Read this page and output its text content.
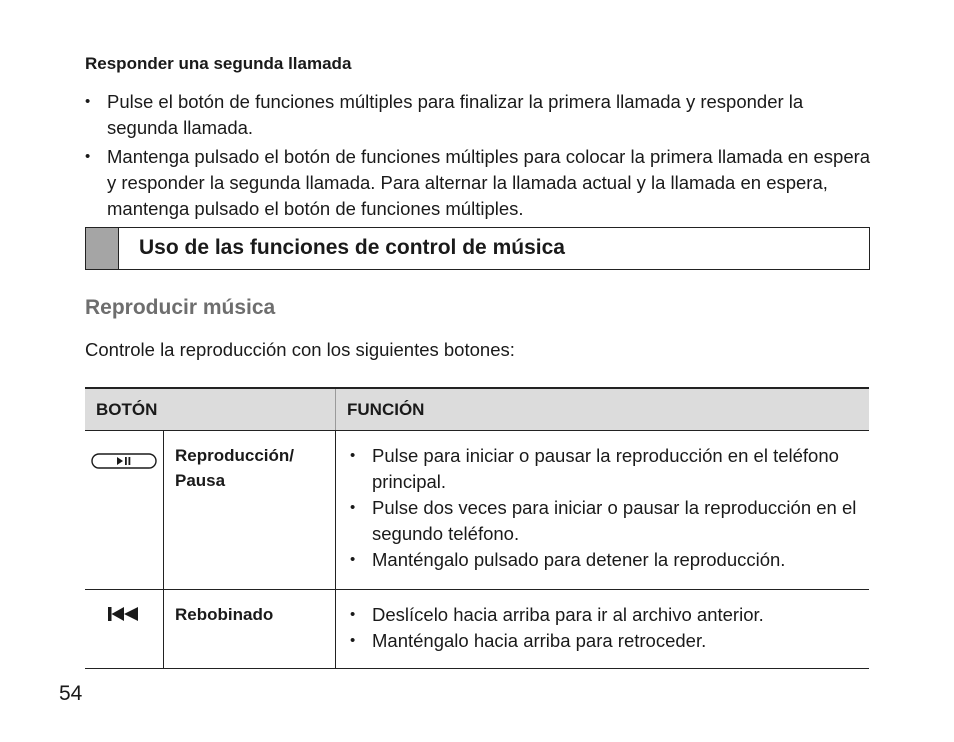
Responder una segunda llamada
• Pulse el botón de funciones múltiples para finalizar la primera llamada y responder la segunda llamada.
• Mantenga pulsado el botón de funciones múltiples para colocar la primera llamada en espera y responder la segunda llamada. Para alternar la llamada actual y la llamada en espera, mantenga pulsado el botón de funciones múltiples.
Uso de las funciones de control de música
Reproducir música
Controle la reproducción con los siguientes botones:
BOTÓN	FUNCIÓN
Reproducción/ Pausa
• Pulse para iniciar o pausar la reproducción en el teléfono principal.
• Pulse dos veces para iniciar o pausar la reproducción en el segundo teléfono.
• Manténgalo pulsado para detener la reproducción.
Rebobinado
•	Deslícelo hacia arriba para ir al archivo anterior.
• Manténgalo hacia arriba para retroceder.
54
